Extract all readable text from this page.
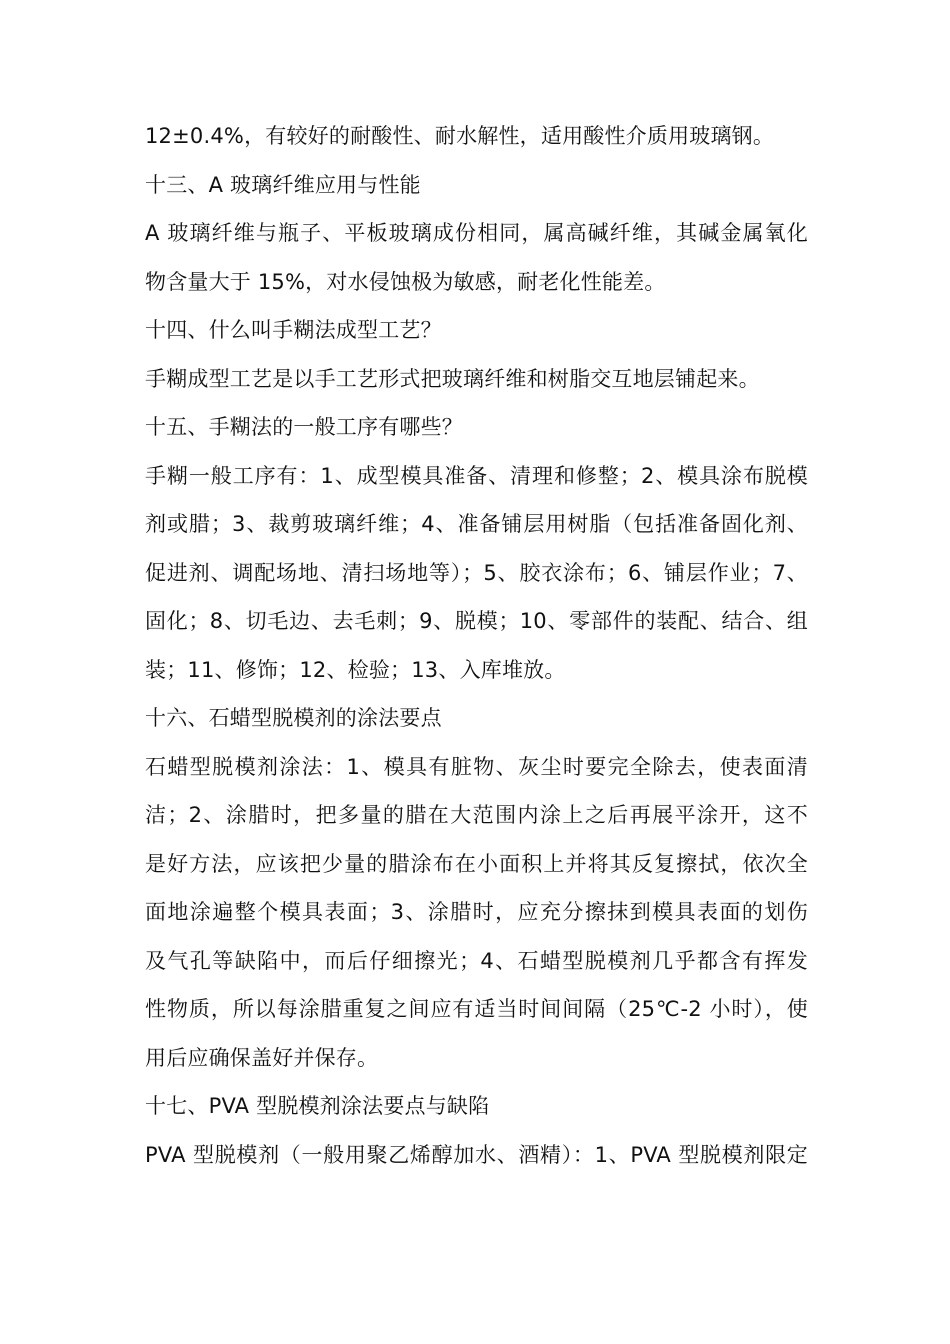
12±0.4%，有较好的耐酸性、耐水解性，适用酸性介质用玻璃钢。
十三、A 玻璃纤维应用与性能
A 玻璃纤维与瓶子、平板玻璃成份相同，属高碱纤维，其碱金属氧化
物含量大于 15%，对水侵蚀极为敏感，耐老化性能差。
十四、什么叫手糊法成型工艺？
手糊成型工艺是以手工艺形式把玻璃纤维和树脂交互地层铺起来。
十五、手糊法的一般工序有哪些？
手糊一般工序有：1、成型模具准备、清理和修整；2、模具涂布脱模
剂或腊；3、裁剪玻璃纤维；4、准备铺层用树脂（包括准备固化剂、
促进剂、调配场地、清扫场地等）；5、胶衣涂布；6、铺层作业；7、
固化；8、切毛边、去毛刺；9、脱模；10、零部件的装配、结合、组
装；11、修饰；12、检验；13、入库堆放。
十六、石蜡型脱模剂的涂法要点
石蜡型脱模剂涂法：1、模具有脏物、灰尘时要完全除去，使表面清
洁；2、涂腊时，把多量的腊在大范围内涂上之后再展平涂开，这不
是好方法，应该把少量的腊涂布在小面积上并将其反复擦拭，依次全
面地涂遍整个模具表面；3、涂腊时，应充分擦抹到模具表面的划伤
及气孔等缺陷中，而后仔细擦光；4、石蜡型脱模剂几乎都含有挥发
性物质，所以每涂腊重复之间应有适当时间间隔（25℃-2 小时），使
用后应确保盖好并保存。
十七、PVA 型脱模剂涂法要点与缺陷
PVA 型脱模剂（一般用聚乙烯醇加水、酒精）：1、PVA 型脱模剂限定
